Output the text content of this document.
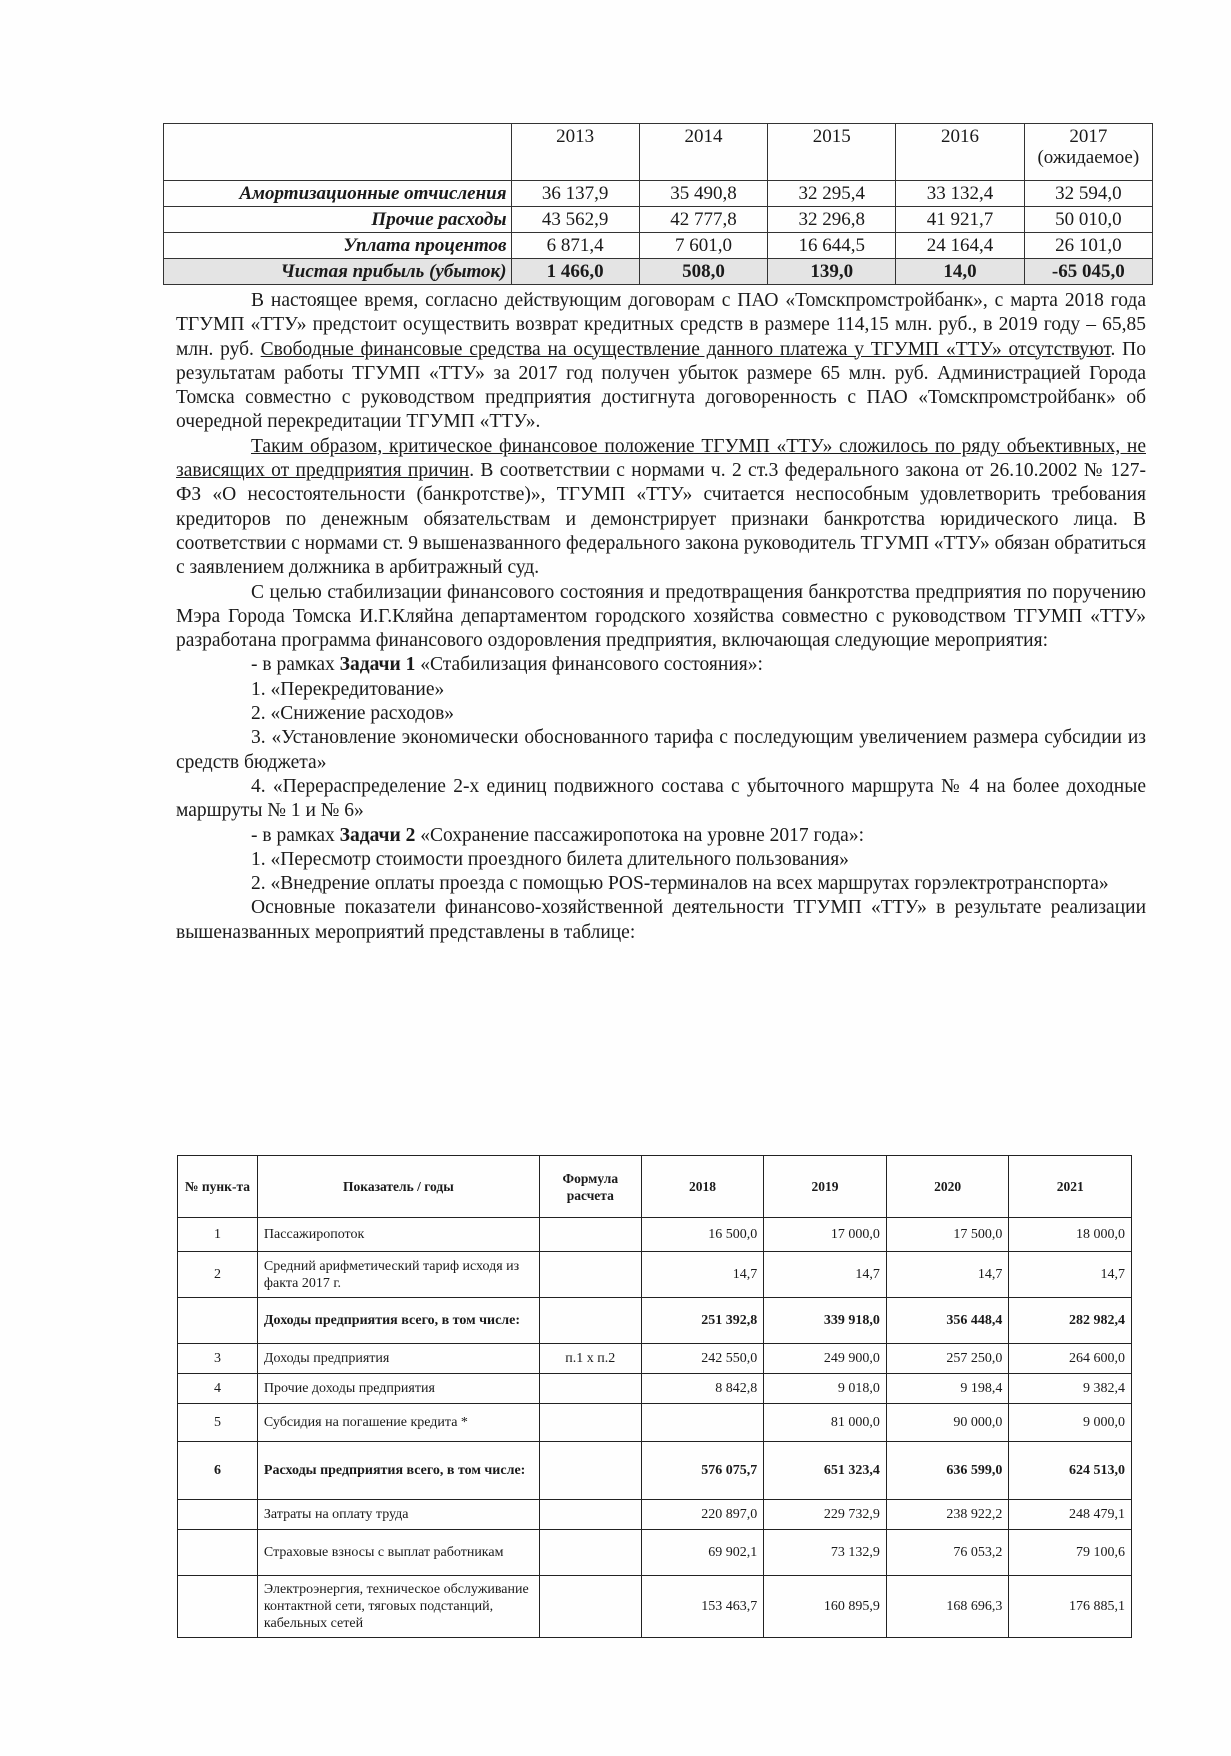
	2013	2014	2015	2016	2017
(ожидаемое)

Амортизационные отчисления	36 137,9	35 490,8	32 295,4	33 132,4	32 594,0
Прочие расходы	43 562,9	42 777,8	32 296,8	41 921,7	50 010,0
Уплата процентов	6 871,4	7 601,0	16 644,5	24 164,4	26 101,0
Чистая прибыль (убыток)	1 466,0	508,0	139,0	14,0	-65 045,0

В настоящее время, согласно действующим договорам с ПАО «Томскпромстройбанк», с марта 2018 года ТГУМП «ТТУ» предстоит осуществить возврат кредитных средств в размере 114,15 млн. руб., в 2019 году – 65,85 млн. руб. Свободные финансовые средства на осуществление данного платежа у ТГУМП «ТТУ» отсутствуют. По результатам работы ТГУМП «ТТУ» за 2017 год получен убыток размере 65 млн. руб. Администрацией Города Томска совместно с руководством предприятия достигнута договоренность с ПАО «Томскпромстройбанк» об очередной перекредитации ТГУМП «ТТУ».

Таким образом, критическое финансовое положение ТГУМП «ТТУ» сложилось по ряду объективных, не зависящих от предприятия причин. В соответствии с нормами ч. 2 ст.3 федерального закона от 26.10.2002 № 127-ФЗ «О несостоятельности (банкротстве)», ТГУМП «ТТУ» считается неспособным удовлетворить требования кредиторов по денежным обязательствам и демонстрирует признаки банкротства юридического лица. В соответствии с нормами ст. 9 вышеназванного федерального закона руководитель ТГУМП «ТТУ» обязан обратиться с заявлением должника в арбитражный суд.

С целью стабилизации финансового состояния и предотвращения банкротства предприятия по поручению Мэра Города Томска И.Г.Кляйна департаментом городского хозяйства совместно с руководством ТГУМП «ТТУ» разработана программа финансового оздоровления предприятия, включающая следующие мероприятия:

- в рамках Задачи 1 «Стабилизация финансового состояния»:

1. «Перекредитование»

2. «Снижение расходов»

3. «Установление экономически обоснованного тарифа с последующим увеличением размера субсидии из средств бюджета»

4. «Перераспределение 2-х единиц подвижного состава с убыточного маршрута № 4 на более доходные маршруты № 1 и № 6»

- в рамках Задачи 2 «Сохранение пассажиропотока на уровне 2017 года»:

1. «Пересмотр стоимости проездного билета длительного пользования»

2. «Внедрение оплаты проезда с помощью POS-терминалов на всех маршрутах горэлектротранспорта»

Основные показатели финансово-хозяйственной деятельности ТГУМП «ТТУ» в результате реализации вышеназванных мероприятий представлены в таблице:

№ пунк-та	Показатель / годы	Формула расчета	2018	2019	2020	2021
1	Пассажиропоток		16 500,0	17 000,0	17 500,0	18 000,0
2	Средний арифметический тариф исходя из факта 2017 г.		14,7	14,7	14,7	14,7
	Доходы предприятия всего, в том числе:		251 392,8	339 918,0	356 448,4	282 982,4
3	Доходы предприятия	п.1 х п.2	242 550,0	249 900,0	257 250,0	264 600,0
4	Прочие доходы предприятия		8 842,8	9 018,0	9 198,4	9 382,4
5	Субсидия на погашение кредита *			81 000,0	90 000,0	9 000,0
6	Расходы предприятия всего, в том числе:		576 075,7	651 323,4	636 599,0	624 513,0
	Затраты на оплату труда		220 897,0	229 732,9	238 922,2	248 479,1
	Страховые взносы с выплат работникам		69 902,1	73 132,9	76 053,2	79 100,6
	Электроэнергия, техническое обслуживание контактной сети, тяговых подстанций, кабельных сетей		153 463,7	160 895,9	168 696,3	176 885,1
